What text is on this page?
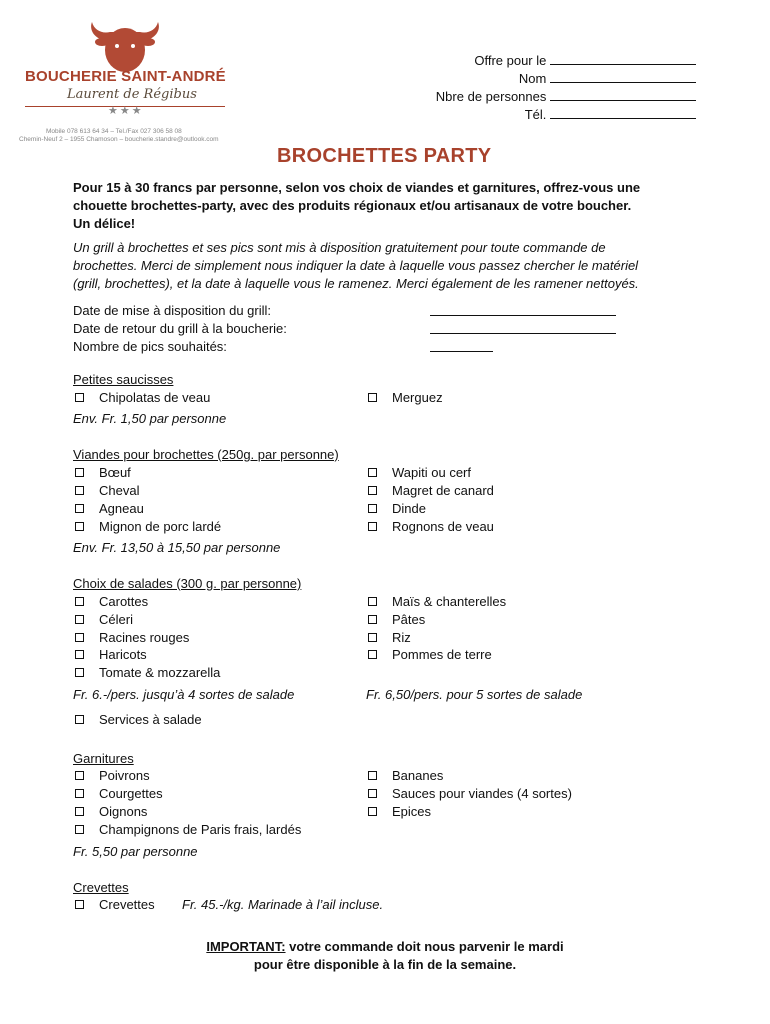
BOUCHERIE SAINT-ANDRÉ
Laurent de Régibus
★★★
Mobile 078 613 64 34 – Tel./Fax 027 306 58 08
Chemin-Neuf 2 – 1955 Chamoson – boucherie.standre@outlook.com
Offre pour le
Nom
Nbre de personnes
Tél.
BROCHETTES PARTY
Pour 15 à 30 francs par personne, selon vos choix de viandes et garnitures, offrez-vous une
chouette brochettes-party, avec des produits régionaux et/ou artisanaux de votre boucher.
Un délice!
Un grill à brochettes et ses pics sont mis à disposition gratuitement pour toute commande de
brochettes. Merci de simplement nous indiquer la date à laquelle vous passez chercher le matériel
(grill, brochettes), et la date à laquelle vous le ramenez. Merci également de les ramener nettoyés.
Date de mise à disposition du grill:
Date de retour du grill à la boucherie:
Nombre de pics souhaités:
Petites saucisses
Chipolatas de veau	Merguez
Env. Fr. 1,50 par personne
Viandes pour brochettes (250g. par personne)
Bœuf
Cheval
Agneau
Mignon de porc lardé
Wapiti ou cerf
Magret de canard
Dinde
Rognons de veau
Env. Fr. 13,50 à 15,50 par personne
Choix de salades (300 g. par personne)
Carottes
Céleri
Racines rouges
Haricots
Tomate & mozzarella
Maïs & chanterelles
Pâtes
Riz
Pommes de terre
Fr. 6.-/pers. jusqu’à 4 sortes de salade	Fr. 6,50/pers. pour 5 sortes de salade
Services à salade
Garnitures
Poivrons
Courgettes
Oignons
Champignons de Paris frais, lardés
Bananes
Sauces pour viandes (4 sortes)
Epices
Fr. 5,50 par personne
Crevettes
Crevettes Fr. 45.-/kg. Marinade à l’ail incluse.
IMPORTANT: votre commande doit nous parvenir le mardi
pour être disponible à la fin de la semaine.
